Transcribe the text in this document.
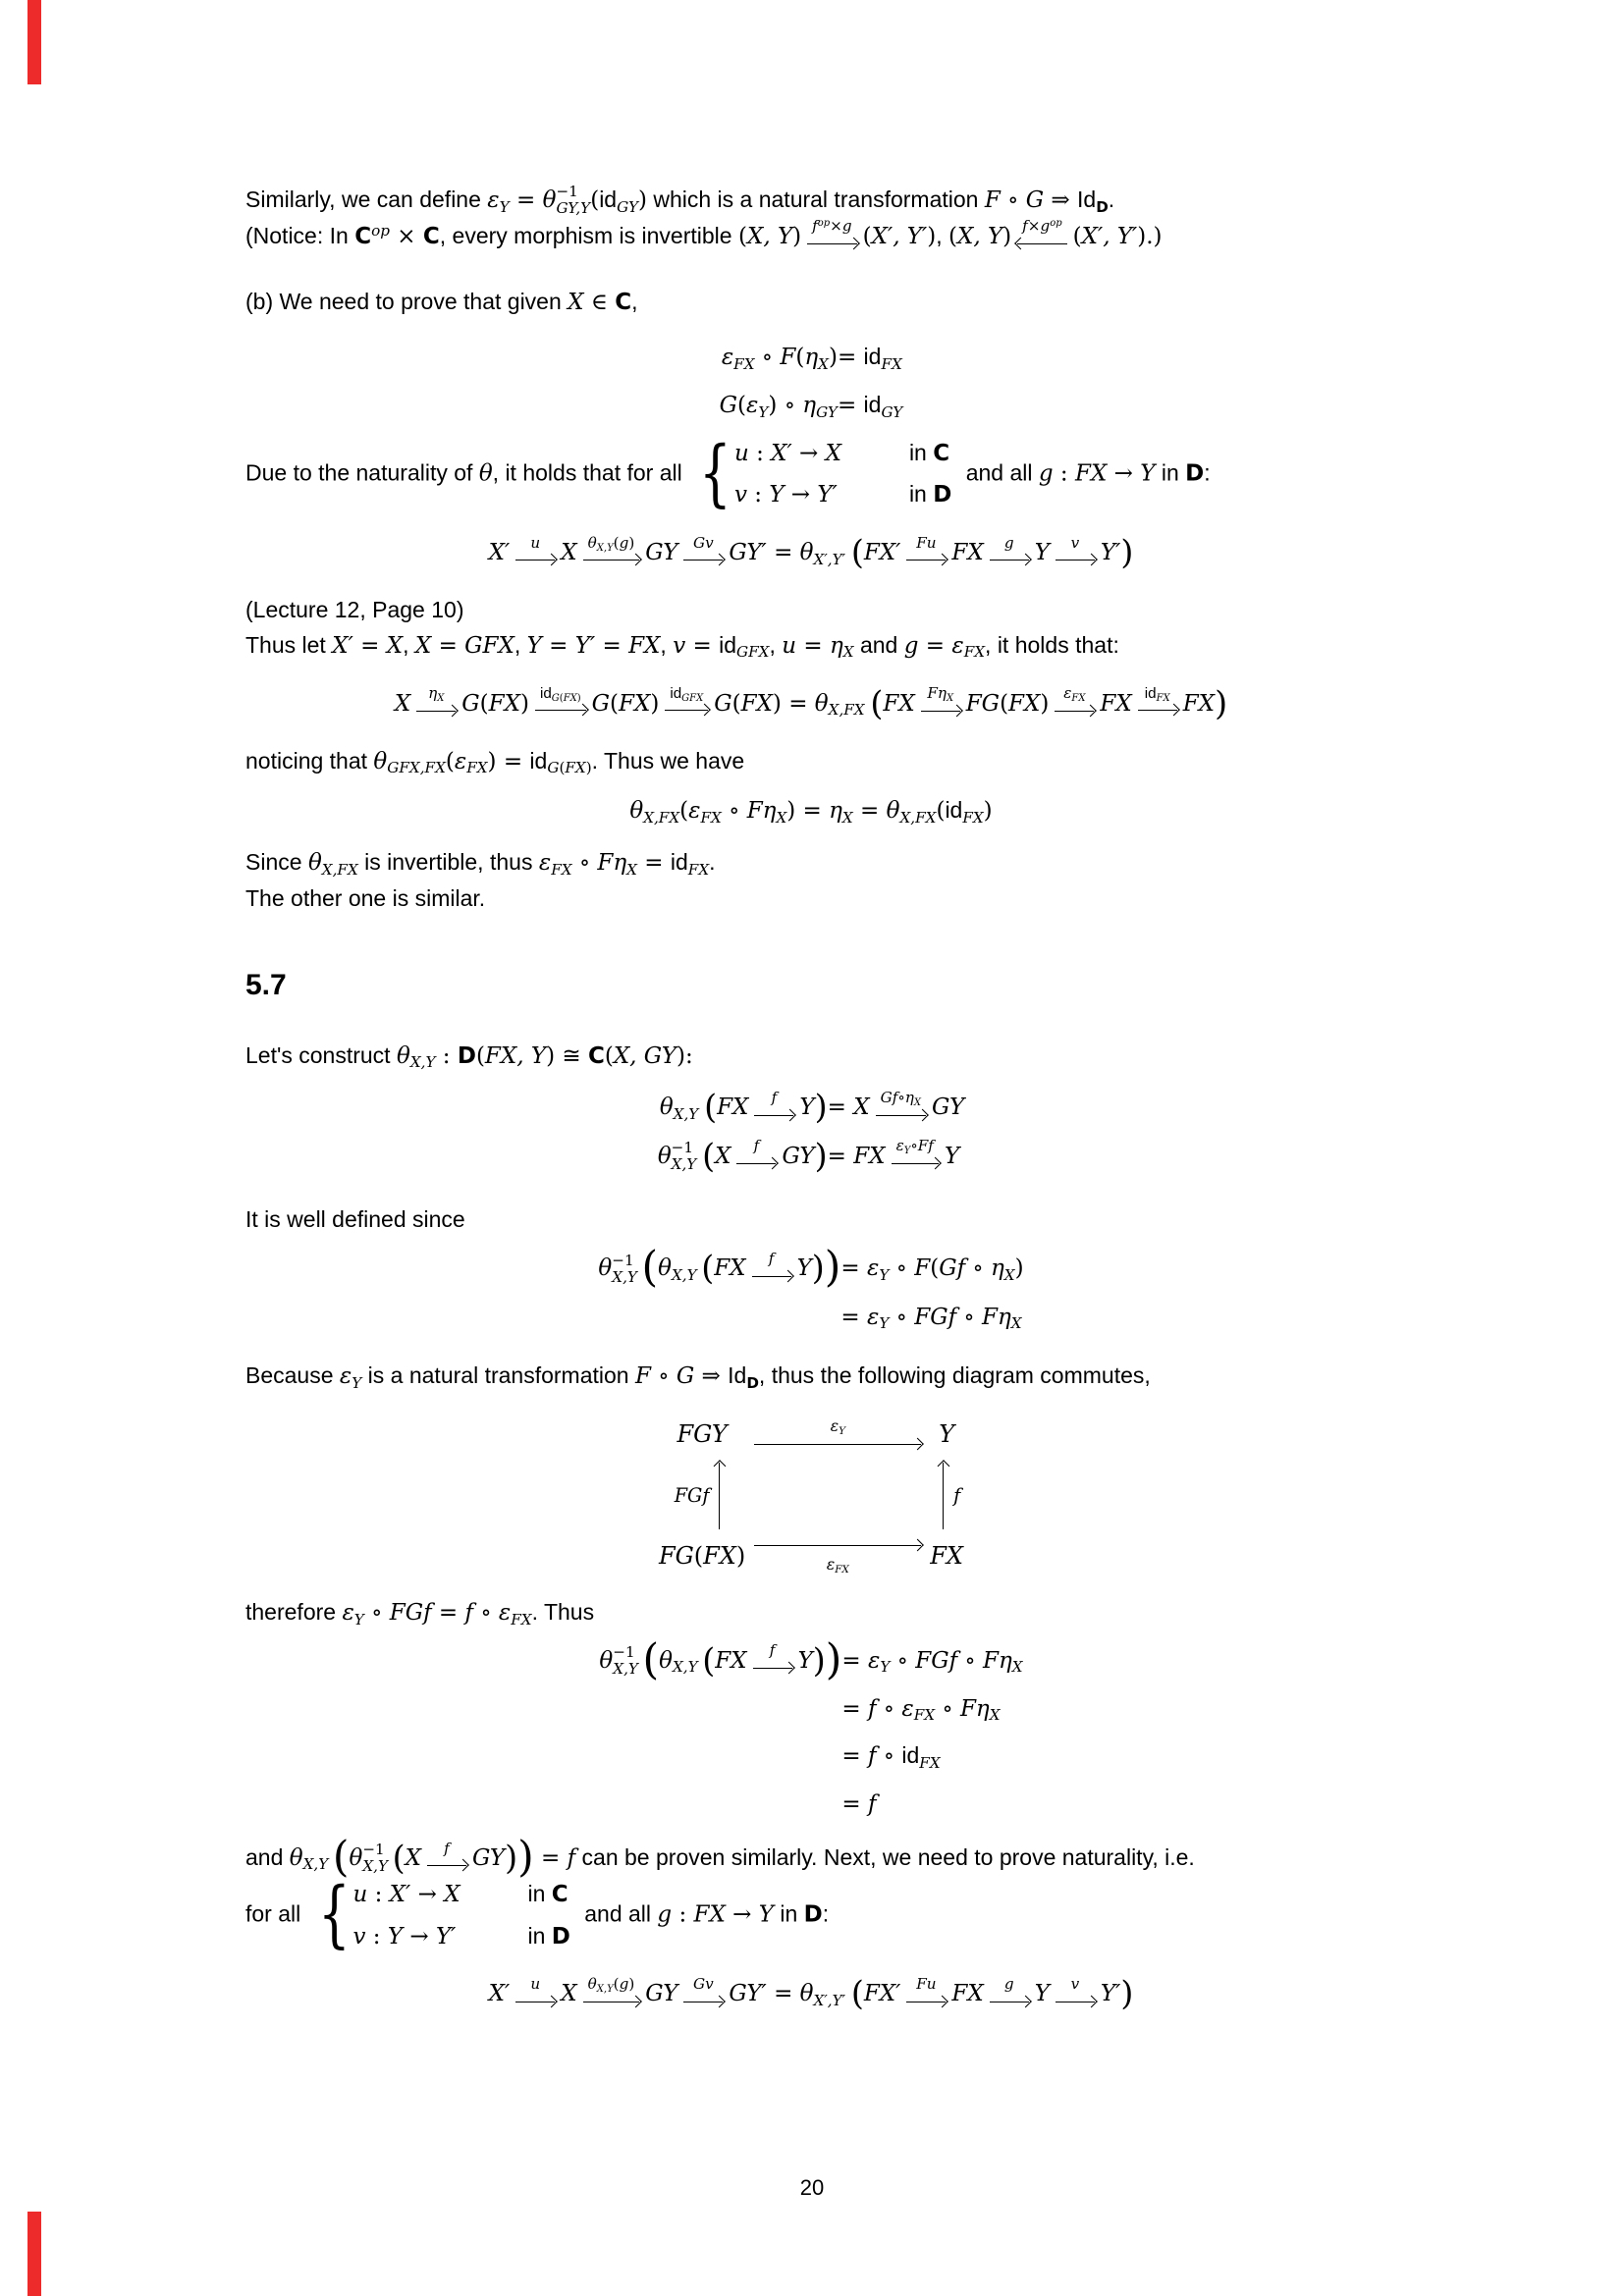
Similarly, we can define $\varepsilon_Y = \theta -1$
GY,Y $(id_{GY})$ which is a natural transformation F ∘ G ⇒ $Id_D$.
(Notice: In $C^{op} \times C$, every morphism is invertible (X, Y) $f^{op}\times g$ (X′, Y′), (X, Y) $f\times g^{op}$ (X′, Y′).)
(b) We need to prove that given X ∈ C,
$\varepsilon_{FX}$ ∘ $F(\eta_X) = id_{FX}$
$G(\varepsilon_Y)$ ∘ $\eta_{GY} = id_{GY}$
Due to the naturality of θ, it holds that for all { u : X′ → X	in C
v : Y → Y′	in D
and all g : FX → Y in D:
X′	u X $\theta_{X,Y}(g)$ GY	Gv $GY' = \theta_{X',Y'}$ (FX′	Fu FX	g Y	v Y′)
(Lecture 12, Page 10)
Thus let X′ = X, X = GFX, Y = Y′ = FX, $v = id_{GFX}$, $u = \eta_X$ and $g = \varepsilon_{FX}$, it holds that:
X	$\eta_X$ G(FX) $id_{G(FX)}$ G(FX) $id_{GFX}$ $G(FX) = \theta_{X,FX}$ (FX $F\eta_X$ FG(FX) $\varepsilon_{FX}$ FX $id_{FX}$ FX)
noticing that $\theta_{GFX,FX}(\varepsilon_{FX}) = id_{G(FX)}$. Thus we have
$\theta_{X,FX}(\varepsilon_{FX}$ ∘ $F\eta_X) = \eta_X = \theta_{X,FX}(id_{FX})$
Since $\theta_{X,FX}$ is invertible, thus $\varepsilon_{FX}$ ∘ $F\eta_X = id_{FX}$.
The other one is similar.
5.7
Let's construct $\theta_{X,Y}$ : D(FX, Y) ≅ C(X, GY):
$\theta_{X,Y}$ (FX	f Y) = X $Gf\circ\eta_X$ GY
θ −1
X,Y (X	f GY) = FX $\varepsilon_Y\circ Ff$ Y
It is well defined since
θ −1
X,Y ($\theta_{X,Y}$ (FX	f $Y)) = \varepsilon_Y$ ∘ F(Gf ∘ $\eta_X$)
= $\varepsilon_Y$ ∘ FGf ∘ $F\eta_X$
Because $\varepsilon_Y$ is a natural transformation F ∘ G ⇒ $Id_D$, thus the following diagram commutes,
FGY	$\varepsilon_Y$	Y
FGf	f
FG(FX)	$\varepsilon_{FX}$	FX
therefore $\varepsilon_Y$ ∘ FGf = f ∘ $\varepsilon_{FX}$. Thus
θ −1
X,Y ($\theta_{X,Y}$ (FX	f $Y)) = \varepsilon_Y$ ∘ FGf ∘ $F\eta_X$
= f ∘ $\varepsilon_{FX}$ ∘ $F\eta_X$
= f ∘ $id_{FX}$
= f
and $\theta_{X,Y}$ (θ −1
X,Y (X	f GY)) = f can be proven similarly. Next, we need to prove naturality, i.e.
for all { u : X′ → X	in C
v : Y → Y′	in D
and all g : FX → Y in D:
X′	u X $\theta_{X,Y}(g)$ GY	Gv $GY' = \theta_{X',Y'}$ (FX′	Fu FX	g Y	v Y′)
20
